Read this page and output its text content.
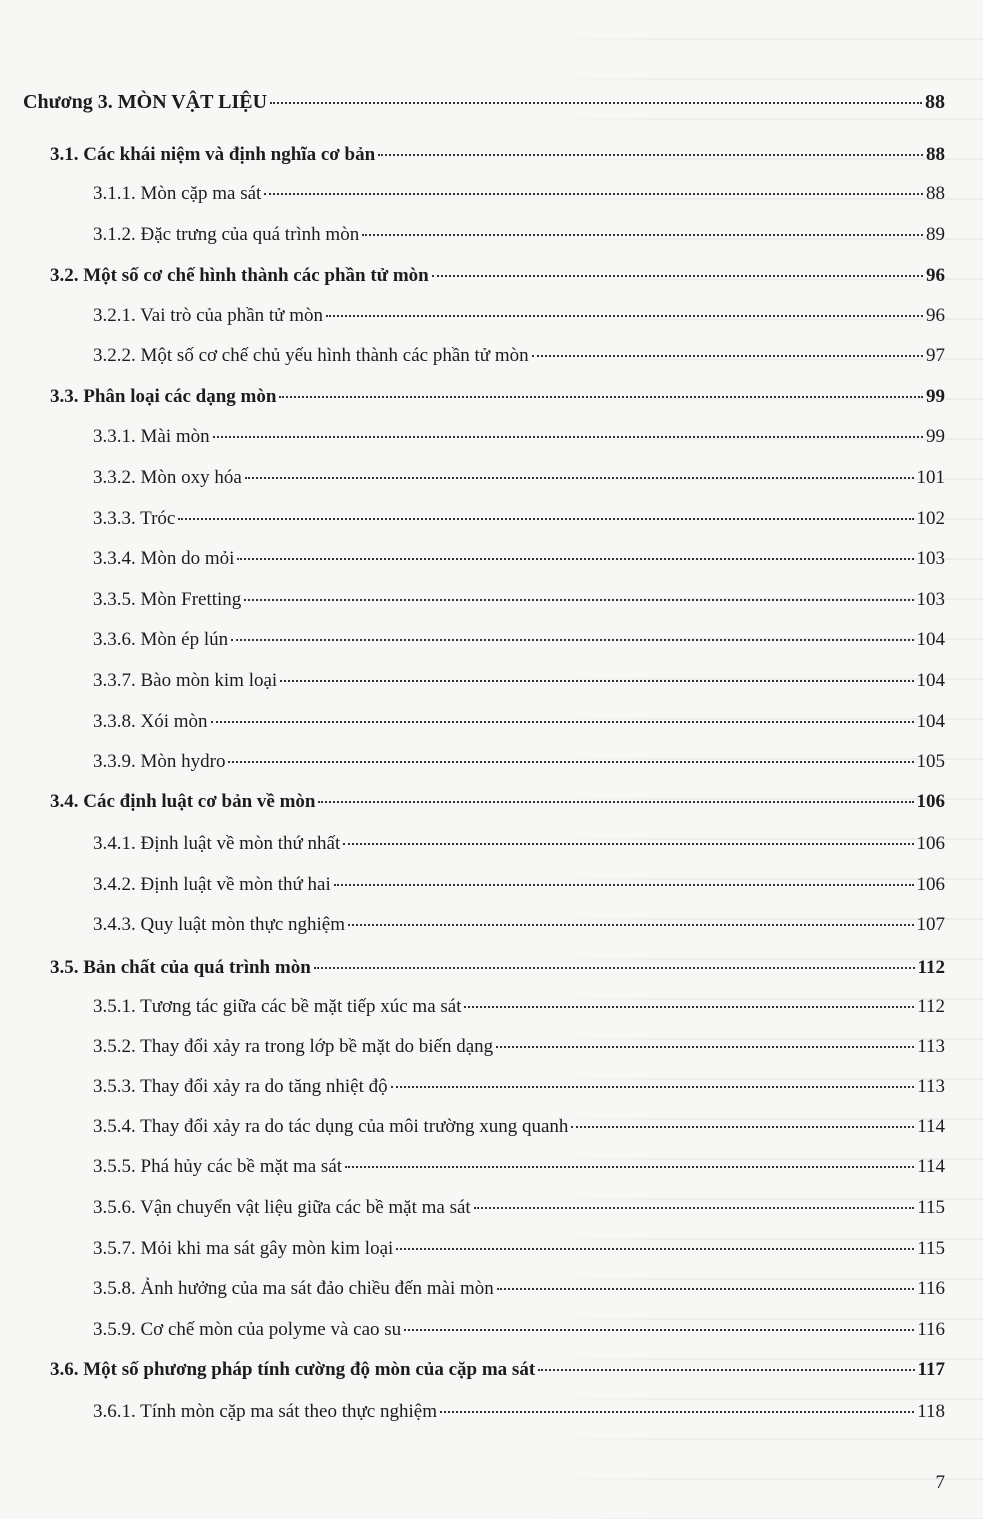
Chương 3. MÒN VẬT LIỆU	88
3.1. Các khái niệm và định nghĩa cơ bản	88
3.1.1. Mòn cặp ma sát	88
3.1.2. Đặc trưng của quá trình mòn	89
3.2. Một số cơ chế hình thành các phần tử mòn	96
3.2.1. Vai trò của phần tử mòn	96
3.2.2. Một số cơ chế chủ yếu hình thành các phần tử mòn	97
3.3. Phân loại các dạng mòn	99
3.3.1. Mài mòn	99
3.3.2. Mòn oxy hóa	101
3.3.3. Tróc	102
3.3.4. Mòn do mỏi	103
3.3.5. Mòn Fretting	103
3.3.6. Mòn ép lún	104
3.3.7. Bào mòn kim loại	104
3.3.8. Xói mòn	104
3.3.9. Mòn hydro	105
3.4. Các định luật cơ bản về mòn	106
3.4.1. Định luật về mòn thứ nhất	106
3.4.2. Định luật về mòn thứ hai	106
3.4.3. Quy luật mòn thực nghiệm	107
3.5. Bản chất của quá trình mòn	112
3.5.1. Tương tác giữa các bề mặt tiếp xúc ma sát	112
3.5.2. Thay đổi xảy ra trong lớp bề mặt do biến dạng	113
3.5.3. Thay đổi xảy ra do tăng nhiệt độ	113
3.5.4. Thay đổi xảy ra do tác dụng của môi trường xung quanh	114
3.5.5. Phá hủy các bề mặt ma sát	114
3.5.6. Vận chuyển vật liệu giữa các bề mặt ma sát	115
3.5.7. Mỏi khi ma sát gây mòn kim loại	115
3.5.8. Ảnh hưởng của ma sát đảo chiều đến mài mòn	116
3.5.9. Cơ chế mòn của polyme và cao su	116
3.6. Một số phương pháp tính cường độ mòn của cặp ma sát	117
3.6.1. Tính mòn cặp ma sát theo thực nghiệm	118
7
